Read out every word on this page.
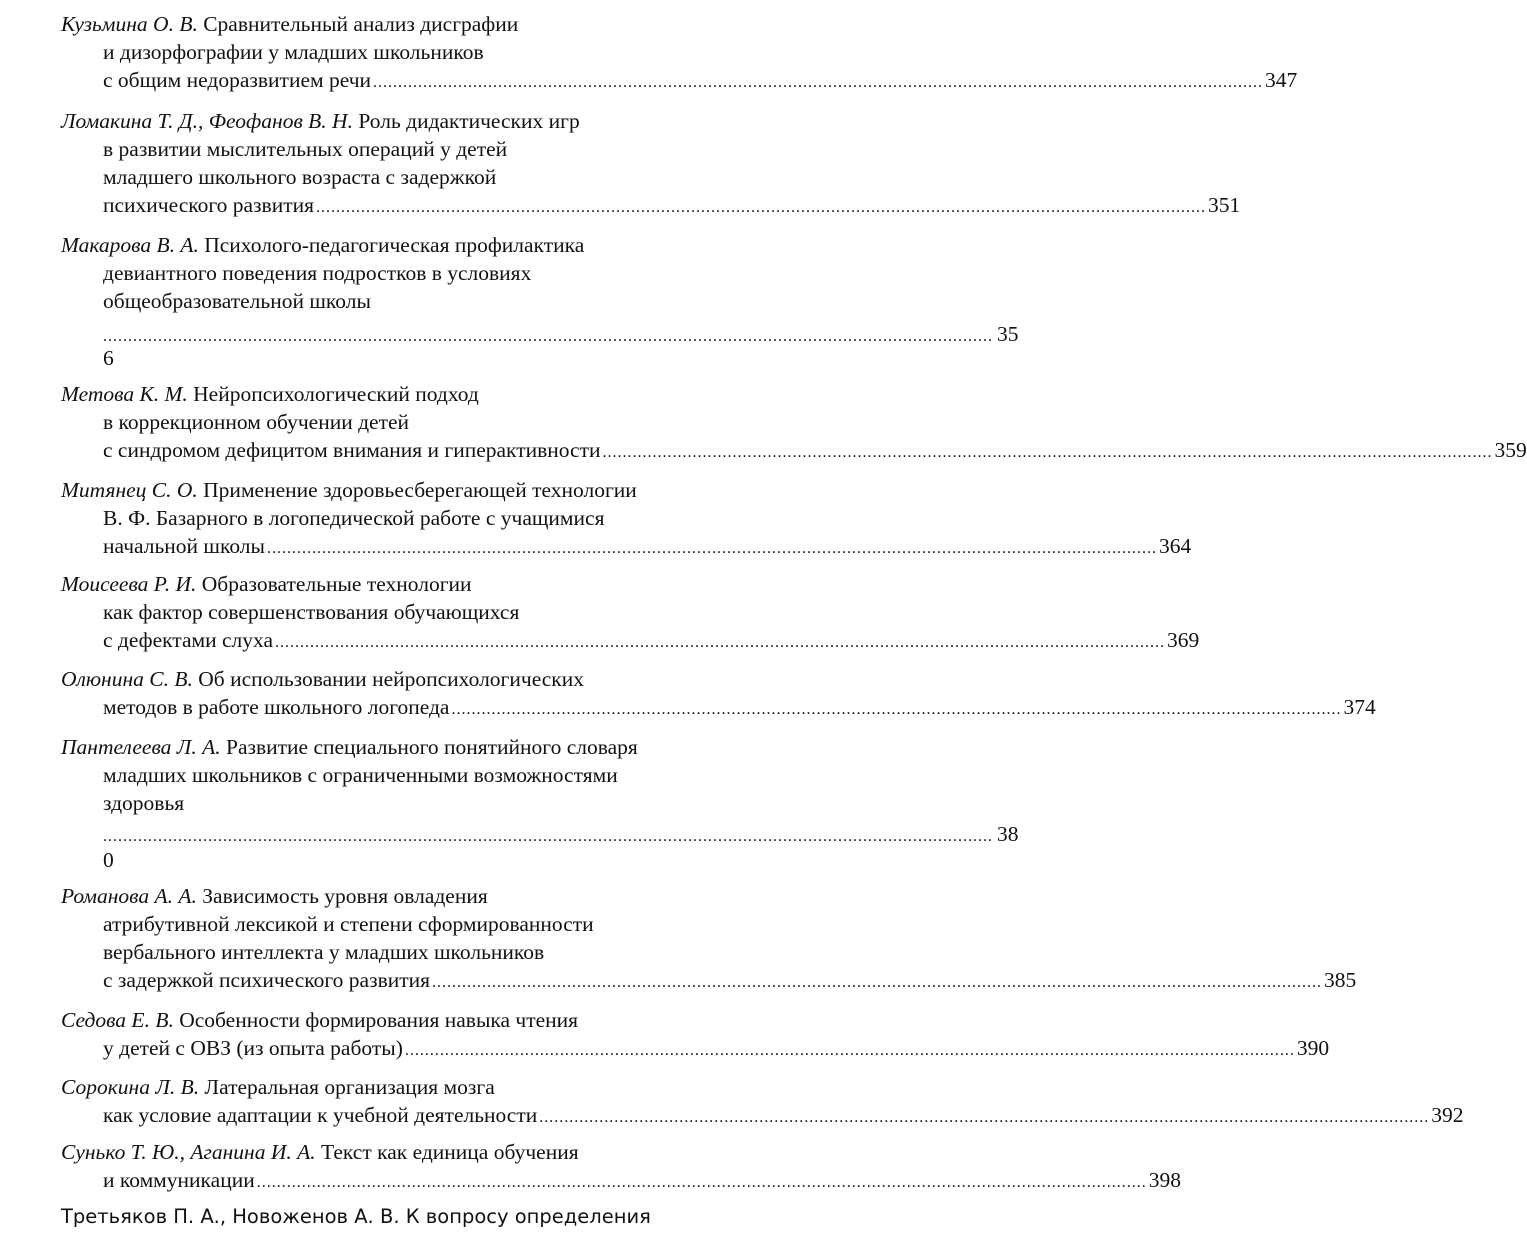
Кузьмина О. В. Сравнительный анализ дисграфии
и дизорфографии у младших школьников
с общим недоразвитием речи .................................................................................................................................................................................. 347
Ломакина Т. Д., Феофанов В. Н. Роль дидактических игр
в развитии мыслительных операций у детей
младшего школьного возраста с задержкой
психического развития .................................................................................................................................................................................. 351
Макарова В. А. Психолого-педагогическая профилактика
девиантного поведения подростков в условиях
общеобразовательной школы
.................................................................................................................................................................................. 35
6
Метова К. М. Нейропсихологический подход
в коррекционном обучении детей
с синдромом дефицитом внимания и гиперактивности .................................................................................................................................................................................. 359
Митянец С. О. Применение здоровьесберегающей технологии
В. Ф. Базарного в логопедической работе с учащимися
начальной школы .................................................................................................................................................................................. 364
Моисеева Р. И. Образовательные технологии
как фактор совершенствования обучающихся
с дефектами слуха .................................................................................................................................................................................. 369
Олюнина С. В. Об использовании нейропсихологических
методов в работе школьного логопеда .................................................................................................................................................................................. 374
Пантелеева Л. А. Развитие специального понятийного словаря
младших школьников с ограниченными возможностями
здоровья
.................................................................................................................................................................................. 38
0
Романова А. А. Зависимость уровня овладения
атрибутивной лексикой и степени сформированности
вербального интеллекта у младших школьников
с задержкой психического развития .................................................................................................................................................................................. 385
Седова Е. В. Особенности формирования навыка чтения
у детей с ОВЗ (из опыта работы) .................................................................................................................................................................................. 390
Сорокина Л. В. Латеральная организация мозга
как условие адаптации к учебной деятельности .................................................................................................................................................................................. 392
Сунько Т. Ю., Аганина И. А. Текст как единица обучения
и коммуникации .................................................................................................................................................................................. 398
Третьяков П. А., Новоженов А. В. К вопросу определения
